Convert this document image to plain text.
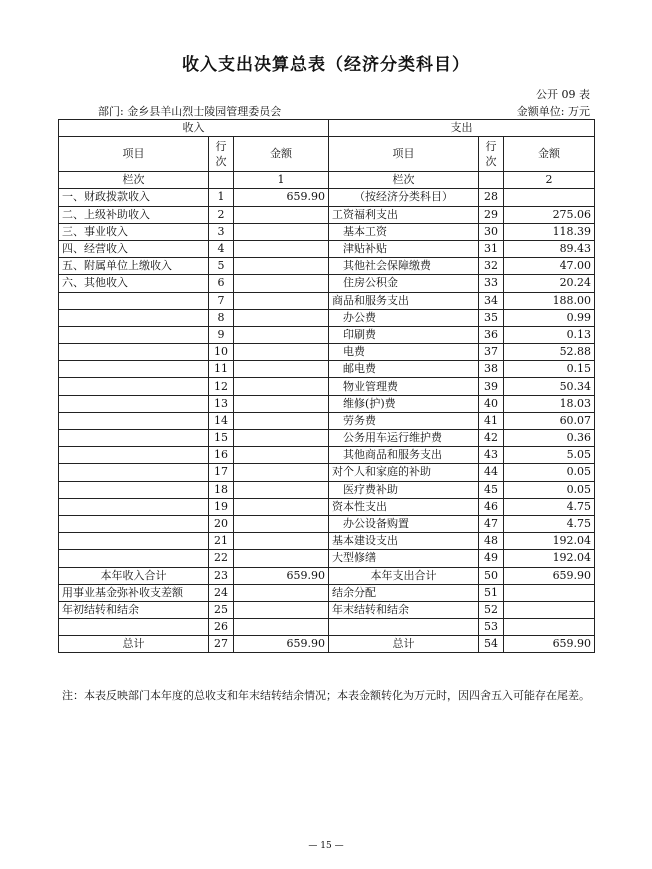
收入支出决算总表（经济分类科目）
公开 09 表
部门: 金乡县羊山烈士陵园管理委员会	金额单位: 万元
收入			支出		
项目	行次	金额	项目	行次	金额
栏次		1	栏次		2
一、财政拨款收入	1	659.90	（按经济分类科目）	28	
二、上级补助收入	2		工资福利支出	29	275.06
三、事业收入	3		基本工资	30	118.39
四、经营收入	4		津贴补贴	31	89.43
五、附属单位上缴收入	5		其他社会保障缴费	32	47.00
六、其他收入	6		住房公积金	33	20.24
	7		商品和服务支出	34	188.00
	8		办公费	35	0.99
	9		印刷费	36	0.13
	10		电费	37	52.88
	11		邮电费	38	0.15
	12		物业管理费	39	50.34
	13		维修(护)费	40	18.03
	14		劳务费	41	60.07
	15		公务用车运行维护费	42	0.36
	16		其他商品和服务支出	43	5.05
	17		对个人和家庭的补助	44	0.05
	18		医疗费补助	45	0.05
	19		资本性支出	46	4.75
	20		办公设备购置	47	4.75
	21		基本建设支出	48	192.04
	22		大型修缮	49	192.04
本年收入合计	23	659.90	本年支出合计	50	659.90
用事业基金弥补收支差额	24		结余分配	51	
年初结转和结余	25		年末结转和结余	52	
	26			53	
总计	27	659.90	总计	54	659.90
注：本表反映部门本年度的总收支和年末结转结余情况；本表金额转化为万元时，因四舍五入可能存在尾差。
— 15 —
